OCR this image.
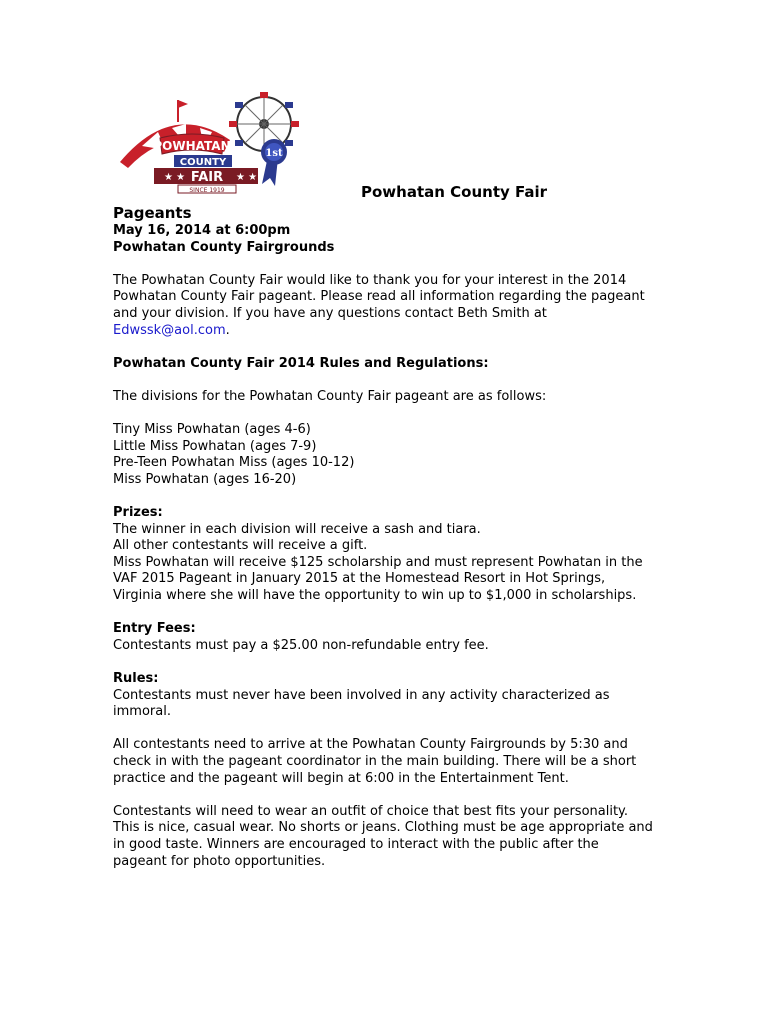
1st
POWHATAN
COUNTY
★ ★	★ ★
FAIR
SINCE 1919	Powhatan County Fair

Pageants

May 16, 2014 at 6:00pm

Powhatan County Fairgrounds

The Powhatan County Fair would like to thank you for your interest in the 2014 Powhatan County Fair pageant. Please read all information regarding the pageant and your division. If you have any questions contact Beth Smith at Edwssk@aol.com.

Powhatan County Fair 2014 Rules and Regulations:

The divisions for the Powhatan County Fair pageant are as follows:

Tiny Miss Powhatan (ages 4-6)

Little Miss Powhatan (ages 7-9)

Pre-Teen Powhatan Miss (ages 10-12)

Miss Powhatan (ages 16-20)

Prizes:

The winner in each division will receive a sash and tiara.

All other contestants will receive a gift.

Miss Powhatan will receive $125 scholarship and must represent Powhatan in the VAF 2015 Pageant in January 2015 at the Homestead Resort in Hot Springs, Virginia where she will have the opportunity to win up to $1,000 in scholarships.

Entry Fees:

Contestants must pay a $25.00 non-refundable entry fee.

Rules:

Contestants must never have been involved in any activity characterized as immoral.

All contestants need to arrive at the Powhatan County Fairgrounds by 5:30 and check in with the pageant coordinator in the main building. There will be a short practice and the pageant will begin at 6:00 in the Entertainment Tent.

Contestants will need to wear an outfit of choice that best fits your personality. This is nice, casual wear. No shorts or jeans. Clothing must be age appropriate and in good taste. Winners are encouraged to interact with the public after the pageant for photo opportunities.
